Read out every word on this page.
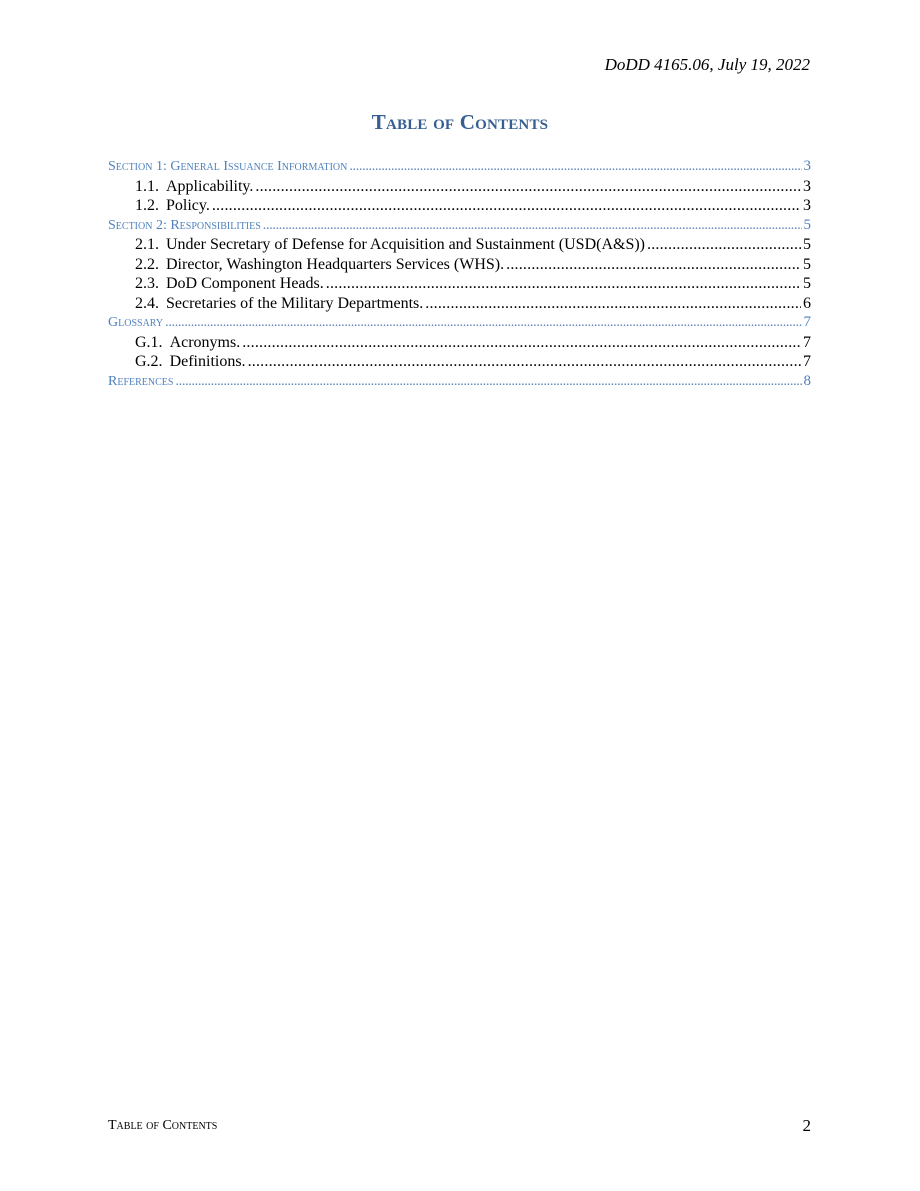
DoDD 4165.06, July 19, 2022
Table of Contents
Section 1: General Issuance Information . . .	3
1.1. Applicability. . . .	3
1.2. Policy. . . .	3
Section 2: Responsibilities . . .	5
2.1. Under Secretary of Defense for Acquisition and Sustainment (USD(A&S)) . . .	5
2.2. Director, Washington Headquarters Services (WHS). . . .	5
2.3. DoD Component Heads. . . .	5
2.4. Secretaries of the Military Departments. . . .	6
Glossary . . .	7
G.1. Acronyms. . . .	7
G.2. Definitions. . . .	7
References . . .	8
Table of Contents	2
